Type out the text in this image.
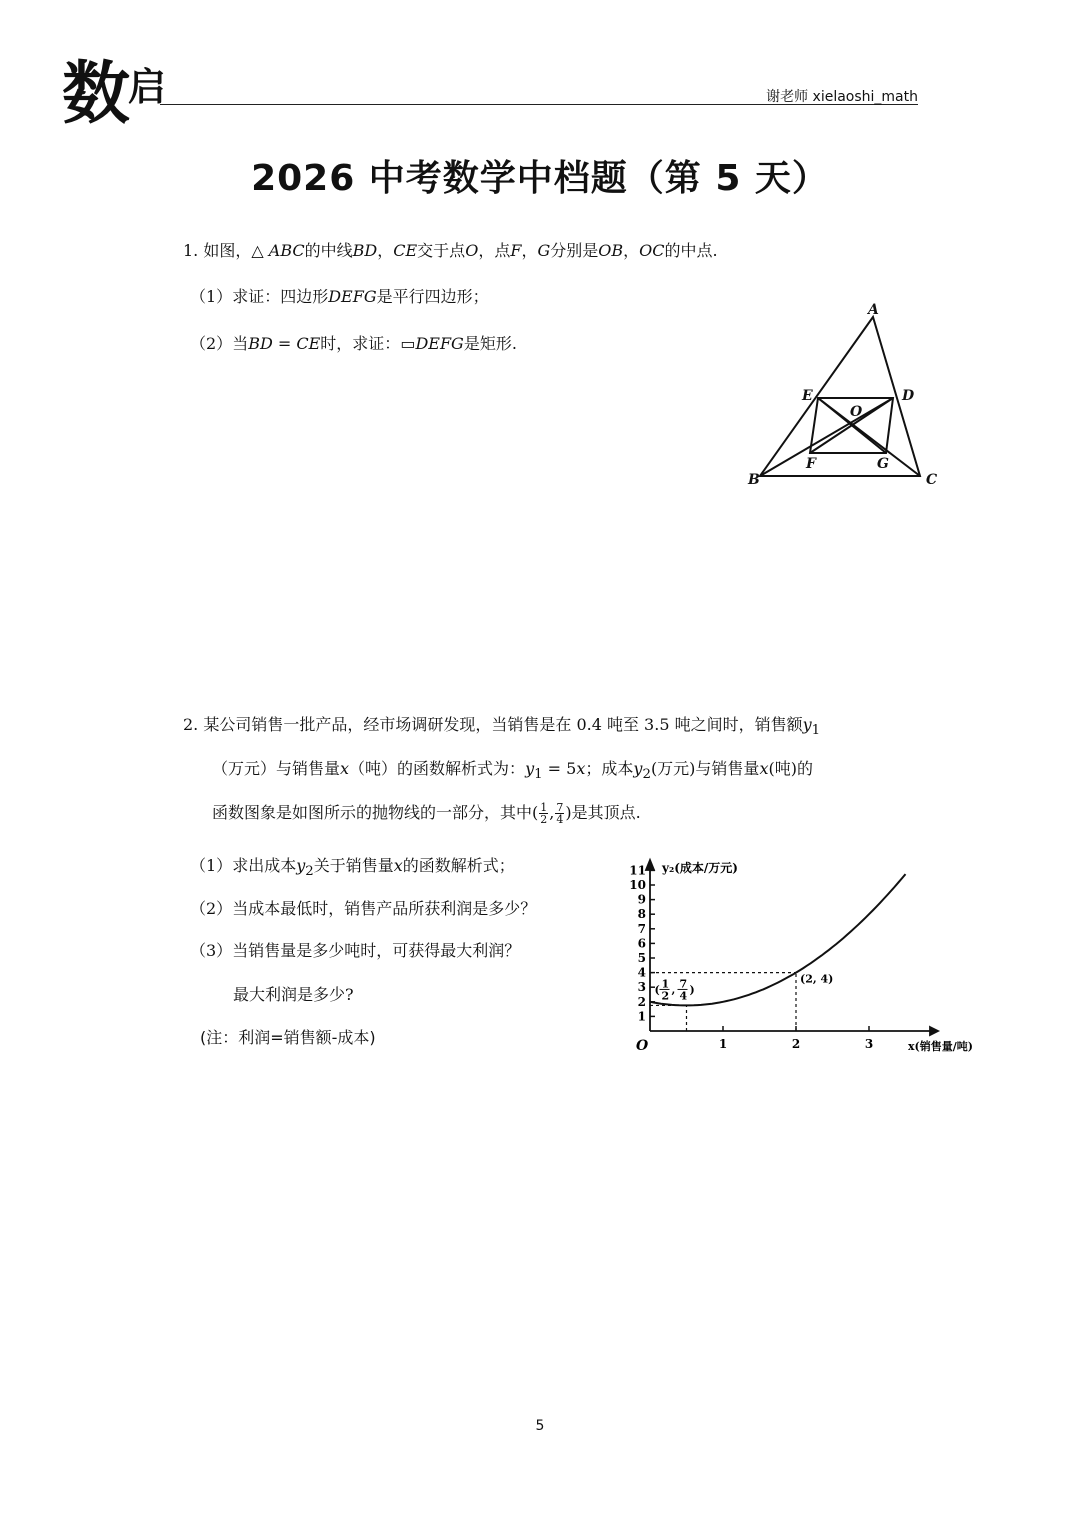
数 启	谢老师 xielaoshi_math
2026 中考数学中档题（第 5 天）
1. 如图，△ ABC的中线BD，CE交于点O，点F，G分别是OB，OC的中点.
（1）求证：四边形DEFG是平行四边形；
（2）当BD = CE时，求证：▭DEFG是矩形.
A
E	D
O
F	G
B	C
2. 某公司销售一批产品，经市场调研发现，当销售是在 0.4 吨至 3.5 吨之间时，销售额$y_1$
（万元）与销售量x（吨）的函数解析式为：$y_1 = 5x$；成本$y_2$(万元)与销售量x(吨)的
函数图象是如图所示的抛物线的一部分，其中( $\frac{1}{2}$ , $\frac{7}{4}$ )是其顶点.
（1）求出成本$y_2$关于销售量x的函数解析式；
（2）当成本最低时，销售产品所获利润是多少？
（3）当销售量是多少吨时，可获得最大利润？
最大利润是多少?
(注：利润=销售额-成本)
y₂(成本/万元)
x(销售量/吨)
O
1
2
3
4
5
6
7
8
9
10
11
1	2	3
( 1
2 , 7
4 )
(2, 4)
5
